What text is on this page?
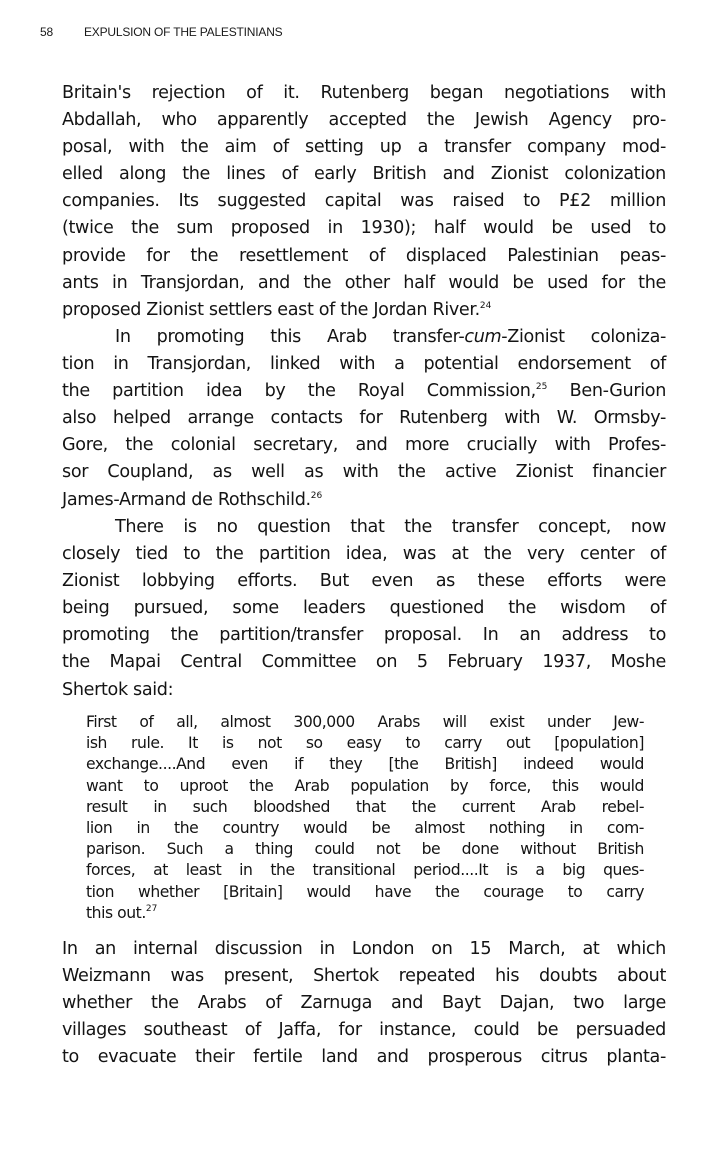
58	EXPULSION OF THE PALESTINIANS
Britain's rejection of it. Rutenberg began negotiations with
Abdallah, who apparently accepted the Jewish Agency pro-
posal, with the aim of setting up a transfer company mod-
elled along the lines of early British and Zionist colonization
companies. Its suggested capital was raised to P£2 million
(twice the sum proposed in 1930); half would be used to
provide for the resettlement of displaced Palestinian peas-
ants in Transjordan, and the other half would be used for the
proposed Zionist settlers east of the Jordan River.$^{24}$
In promoting this Arab transfer-cum-Zionist coloniza-
tion in Transjordan, linked with a potential endorsement of
the partition idea by the Royal Commission,$^{25}$ Ben-Gurion
also helped arrange contacts for Rutenberg with W. Ormsby-
Gore, the colonial secretary, and more crucially with Profes-
sor Coupland, as well as with the active Zionist financier
James-Armand de Rothschild.$^{26}$
There is no question that the transfer concept, now
closely tied to the partition idea, was at the very center of
Zionist lobbying efforts. But even as these efforts were
being pursued, some leaders questioned the wisdom of
promoting the partition/transfer proposal. In an address to
the Mapai Central Committee on 5 February 1937, Moshe
Shertok said:
First of all, almost 300,000 Arabs will exist under Jew-
ish rule. It is not so easy to carry out [population]
exchange....And even if they [the British] indeed would
want to uproot the Arab population by force, this would
result in such bloodshed that the current Arab rebel-
lion in the country would be almost nothing in com-
parison. Such a thing could not be done without British
forces, at least in the transitional period....It is a big ques-
tion whether [Britain] would have the courage to carry
this out.$^{27}$
In an internal discussion in London on 15 March, at which
Weizmann was present, Shertok repeated his doubts about
whether the Arabs of Zarnuga and Bayt Dajan, two large
villages southeast of Jaffa, for instance, could be persuaded
to evacuate their fertile land and prosperous citrus planta-
